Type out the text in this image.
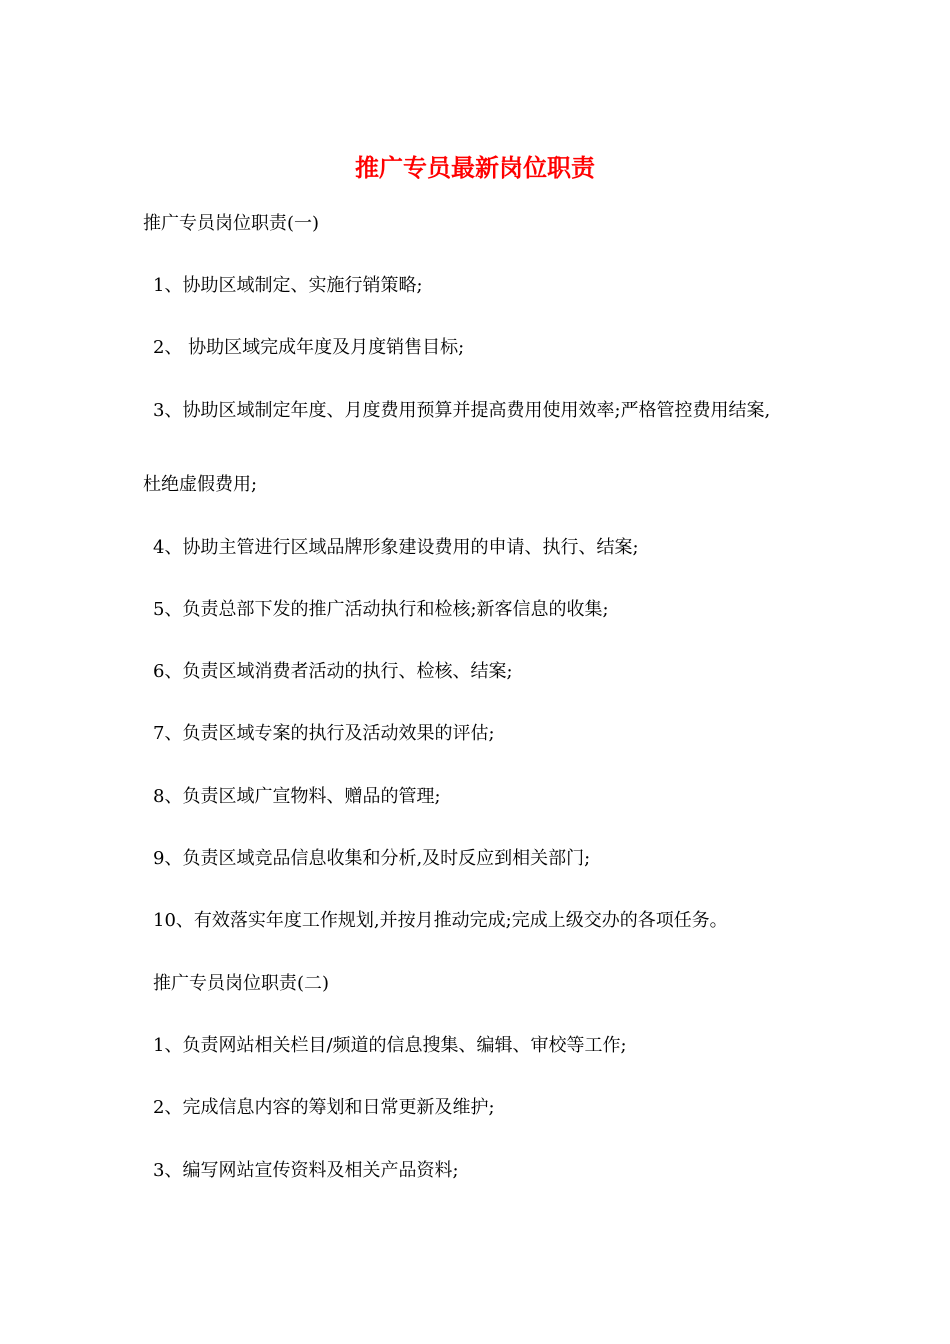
推广专员最新岗位职责
推广专员岗位职责(一)
1、协助区域制定、实施行销策略;
2、 协助区域完成年度及月度销售目标;
3、协助区域制定年度、月度费用预算并提高费用使用效率;严格管控费用结案,
杜绝虚假费用;
4、协助主管进行区域品牌形象建设费用的申请、执行、结案;
5、负责总部下发的推广活动执行和检核;新客信息的收集;
6、负责区域消费者活动的执行、检核、结案;
7、负责区域专案的执行及活动效果的评估;
8、负责区域广宣物料、赠品的管理;
9、负责区域竞品信息收集和分析,及时反应到相关部门;
10、有效落实年度工作规划,并按月推动完成;完成上级交办的各项任务。
推广专员岗位职责(二)
1、负责网站相关栏目/频道的信息搜集、编辑、审校等工作;
2、完成信息内容的筹划和日常更新及维护;
3、编写网站宣传资料及相关产品资料;
